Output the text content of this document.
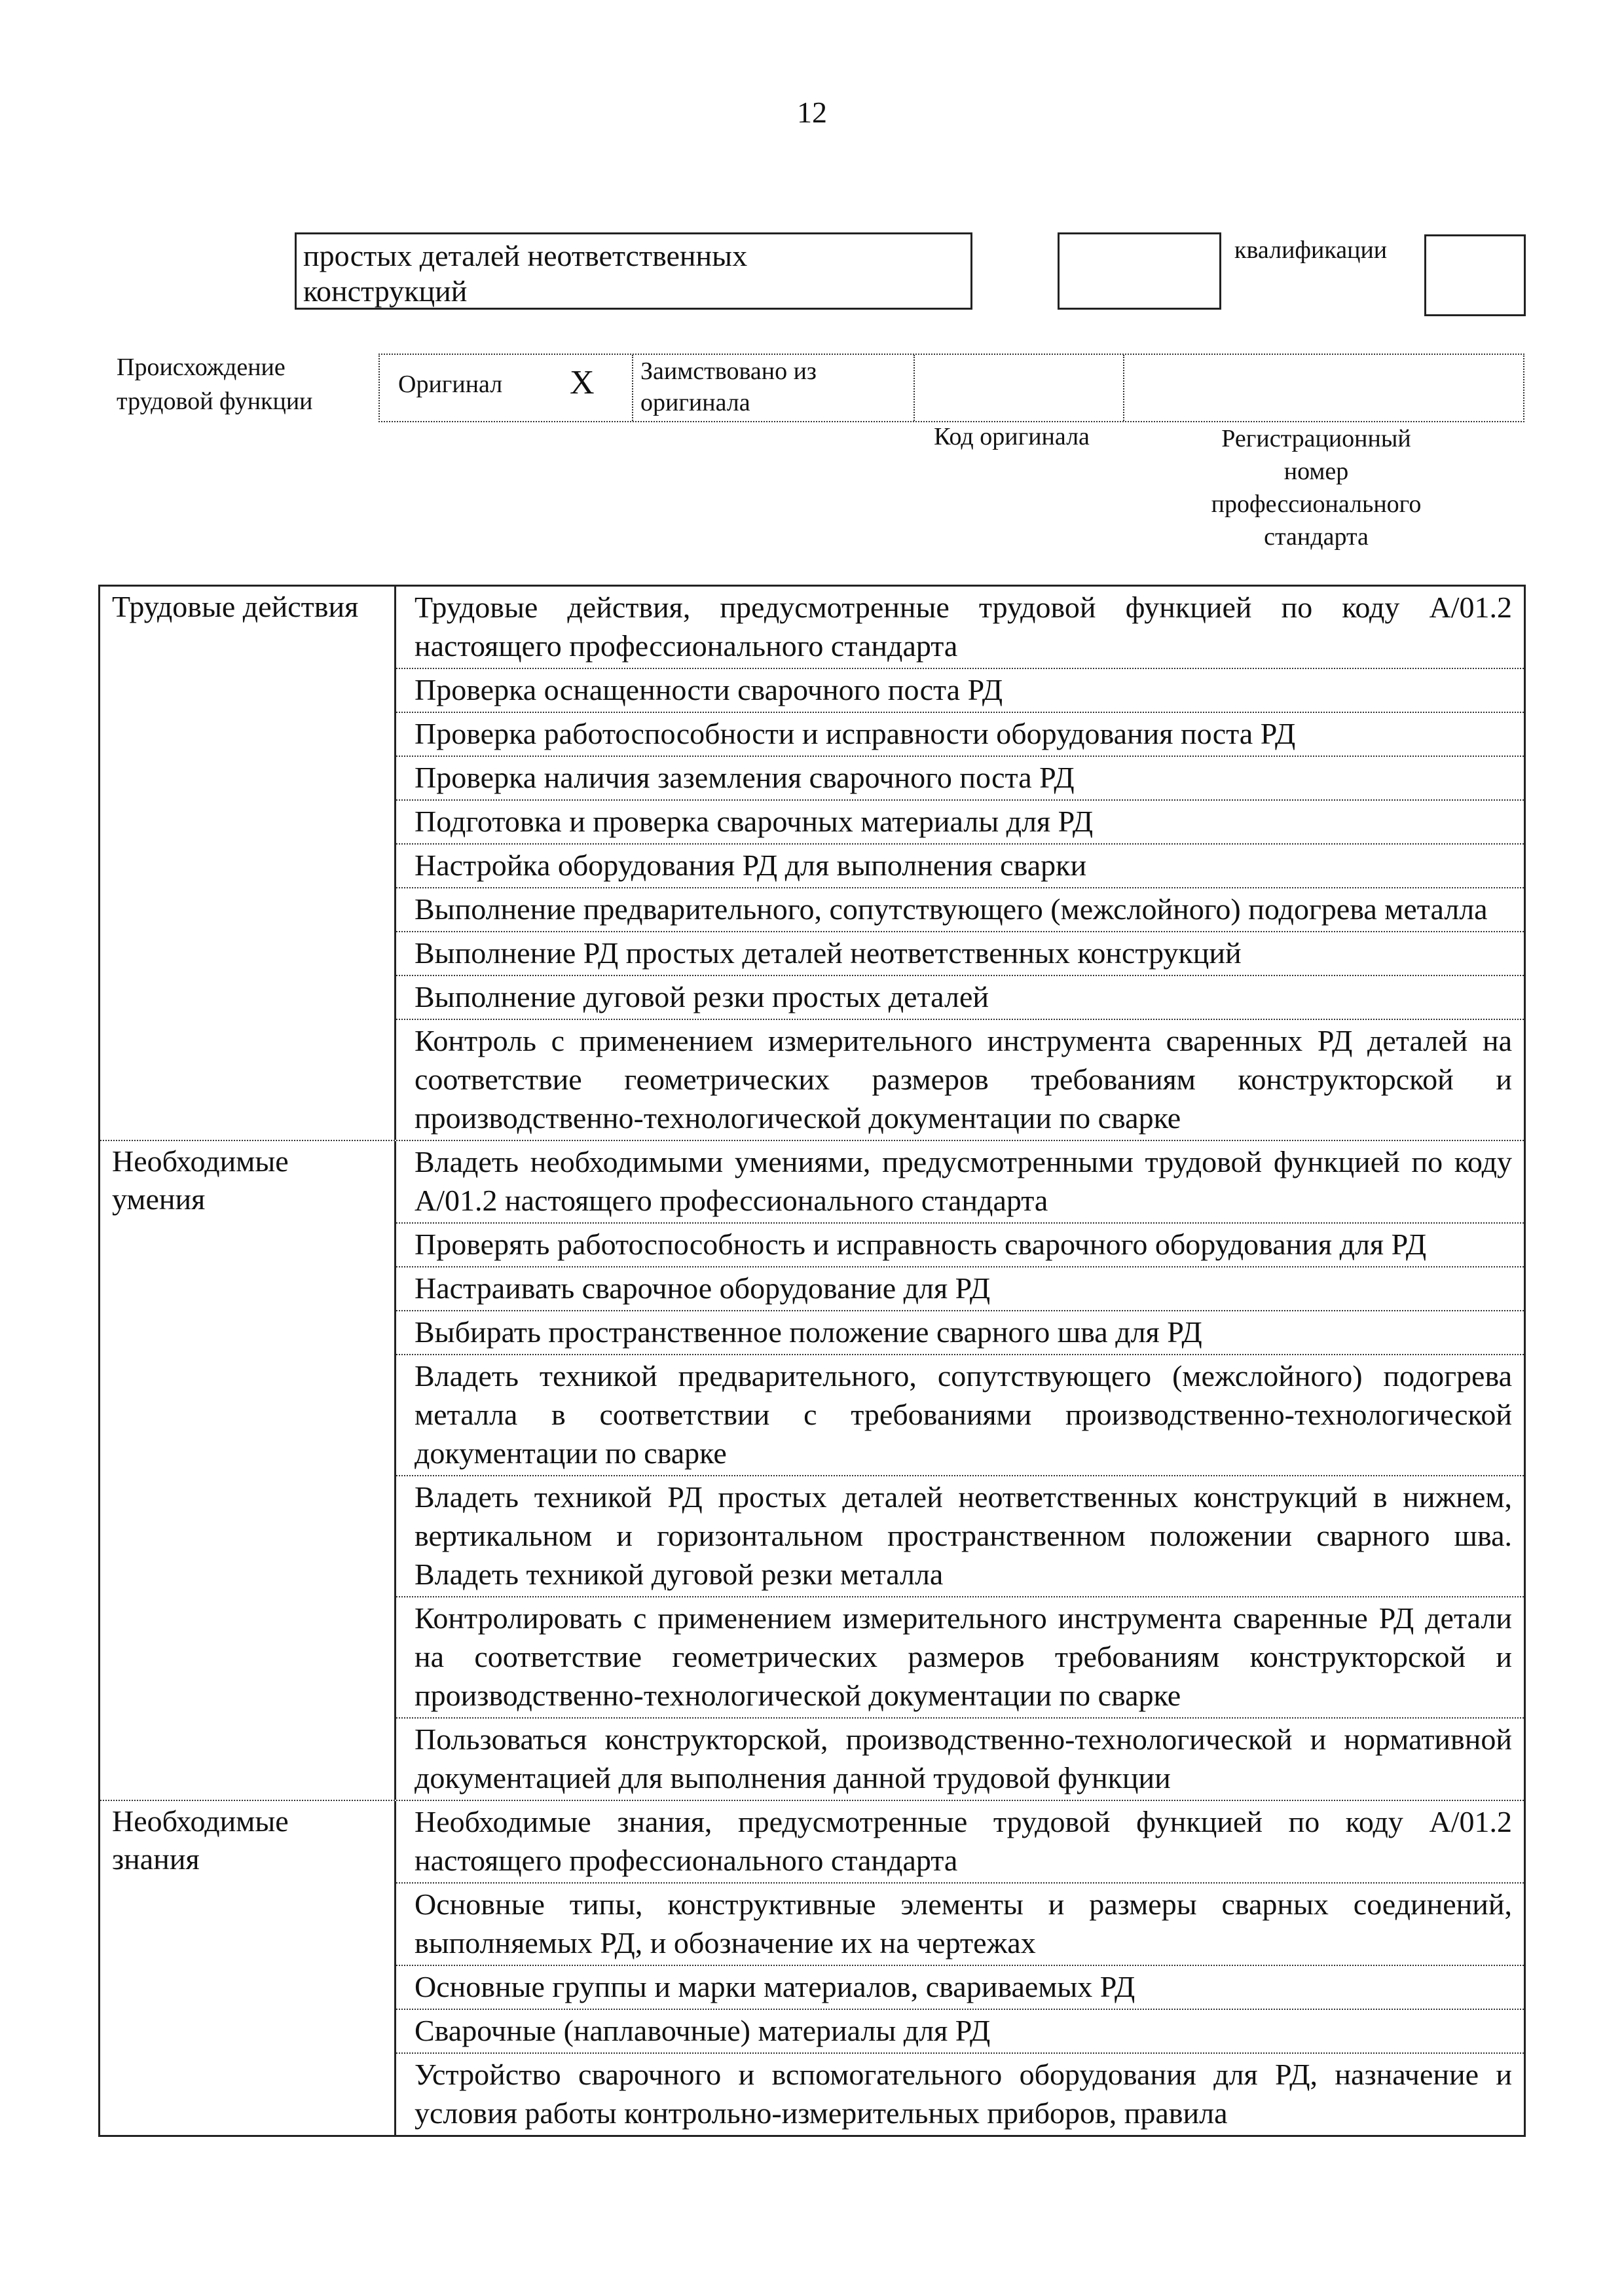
12
простых деталей неответственных
конструкций
квалификации
Происхождение
трудовой функции
Оригинал X Заимствовано из
оригинала
Код оригинала	Регистрационный
номер
профессионального
стандарта
Трудовые действия	Трудовые действия, предусмотренные трудовой функцией по коду А/01.2 настоящего профессионального стандарта
Проверка оснащенности сварочного поста РД
Проверка работоспособности и исправности оборудования поста РД
Проверка наличия заземления сварочного поста РД
Подготовка и проверка сварочных материалы для РД
Настройка оборудования РД для выполнения сварки
Выполнение предварительного, сопутствующего (межслойного) подогрева металла
Выполнение РД простых деталей неответственных конструкций
Выполнение дуговой резки простых деталей
Контроль с применением измерительного инструмента сваренных РД деталей на соответствие геометрических размеров требованиям конструкторской и производственно-технологической документации по сварке
Необходимые умения
Владеть необходимыми умениями, предусмотренными трудовой функцией по коду А/01.2 настоящего профессионального стандарта
Проверять работоспособность и исправность сварочного оборудования для РД
Настраивать сварочное оборудование для РД
Выбирать пространственное положение сварного шва для РД
Владеть техникой предварительного, сопутствующего (межслойного) подогрева металла в соответствии с требованиями производственно-технологической документации по сварке
Владеть техникой РД простых деталей неответственных конструкций в нижнем, вертикальном и горизонтальном пространственном положении сварного шва. Владеть техникой дуговой резки металла
Контролировать с применением измерительного инструмента сваренные РД детали на соответствие геометрических размеров требованиям конструкторской и производственно-технологической документации по сварке
Пользоваться конструкторской, производственно-технологической и нормативной документацией для выполнения данной трудовой функции
Необходимые знания
Необходимые знания, предусмотренные трудовой функцией по коду А/01.2 настоящего профессионального стандарта
Основные типы, конструктивные элементы и размеры сварных соединений, выполняемых РД, и обозначение их на чертежах
Основные группы и марки материалов, свариваемых РД
Сварочные (наплавочные) материалы для РД
Устройство сварочного и вспомогательного оборудования для РД, назначение и условия работы контрольно-измерительных приборов, правила
